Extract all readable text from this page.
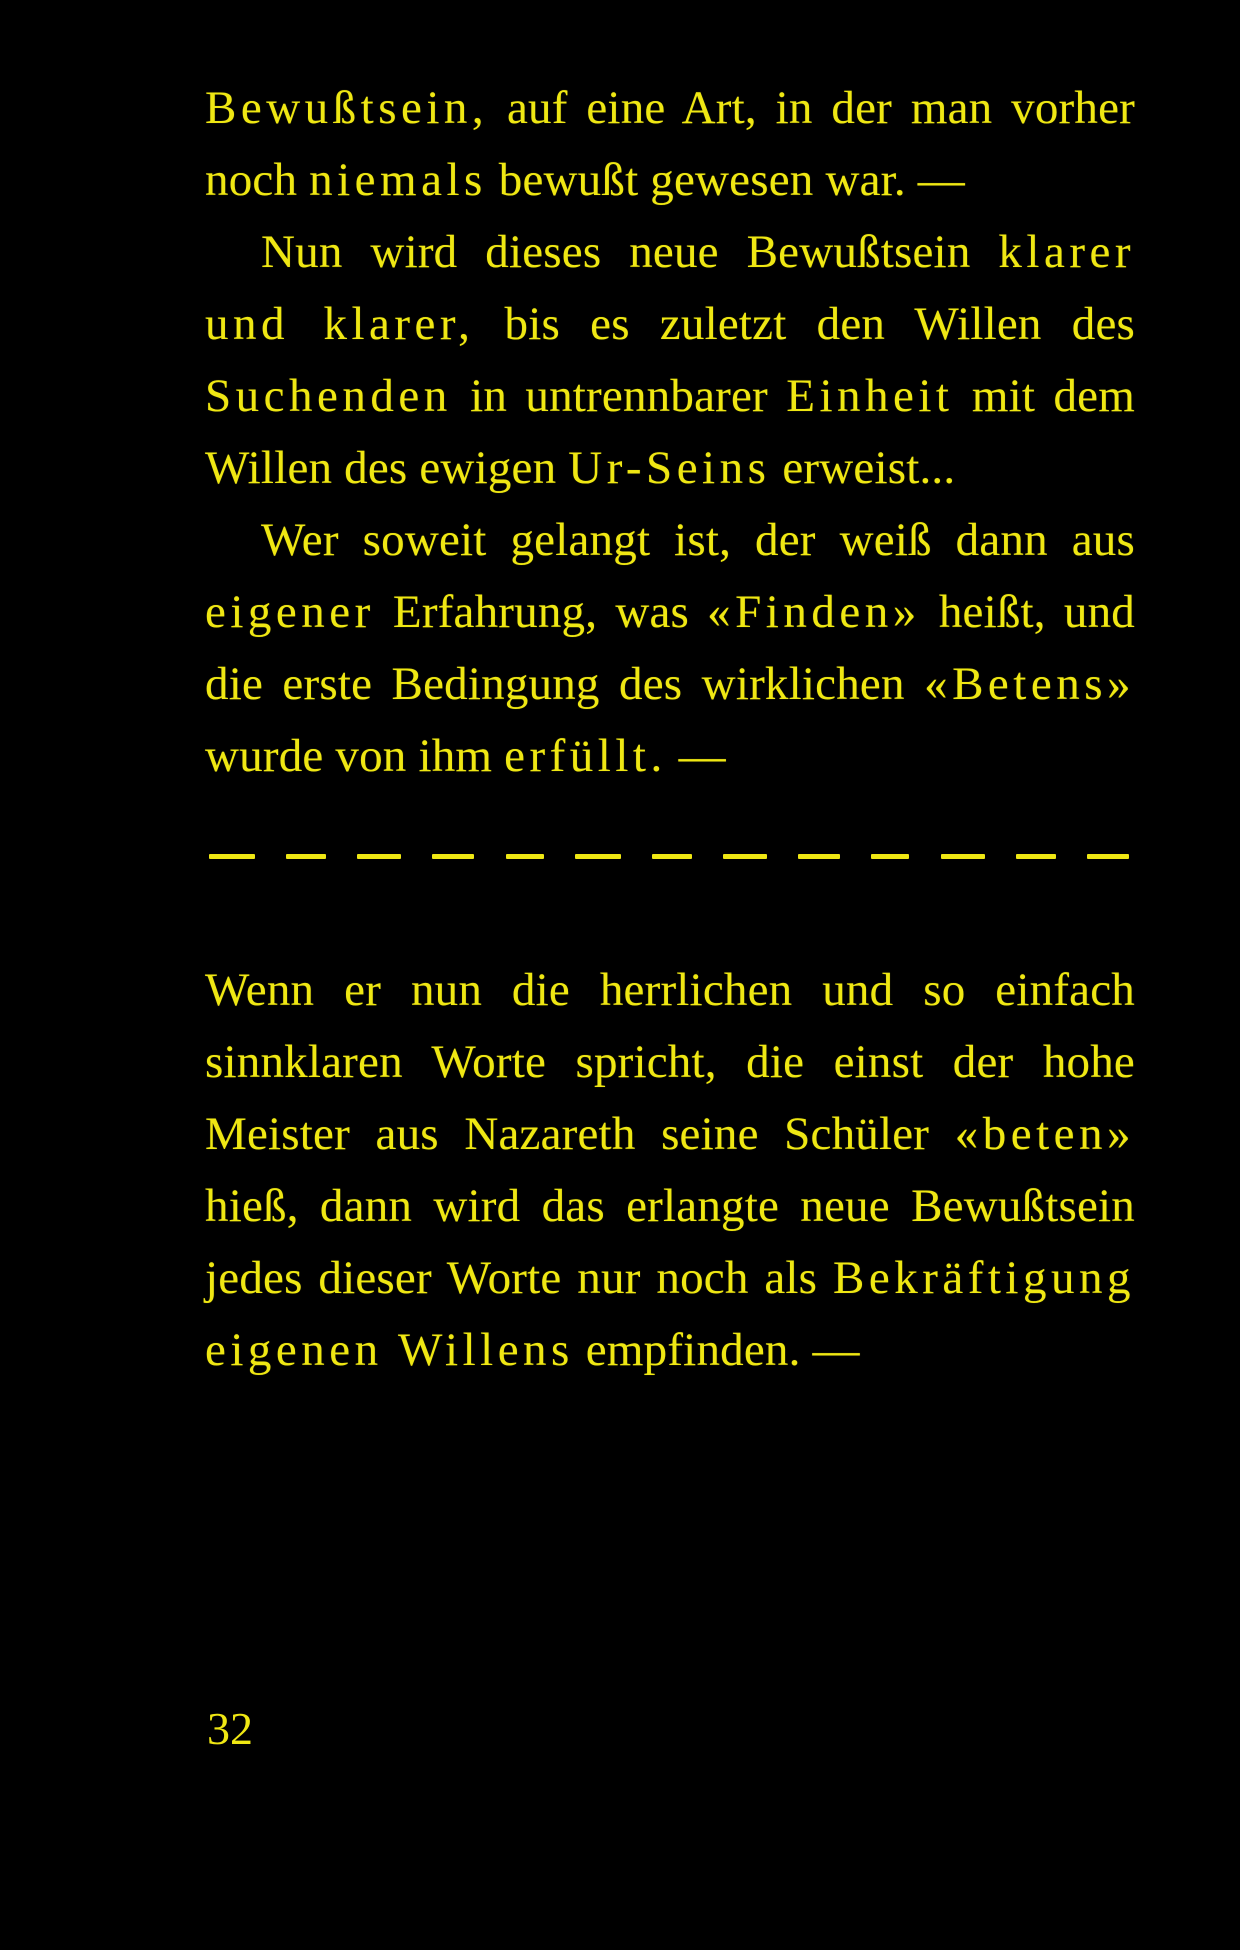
Bewußtsein, auf eine Art, in der man vorher noch niemals bewußt gewesen war. —

Nun wird dieses neue Bewußtsein klarer und klarer, bis es zuletzt den Willen des Suchenden in untrennbarer Einheit mit dem Willen des ewigen Ur-Seins erweist...

Wer soweit gelangt ist, der weiß dann aus eigener Erfahrung, was «Finden» heißt, und die erste Bedingung des wirklichen «Betens» wurde von ihm erfüllt. —

Wenn er nun die herrlichen und so einfach sinnklaren Worte spricht, die einst der hohe Meister aus Nazareth seine Schüler «beten» hieß, dann wird das erlangte neue Bewußtsein jedes dieser Worte nur noch als Bekräftigung eigenen Willens empfinden. —

32
